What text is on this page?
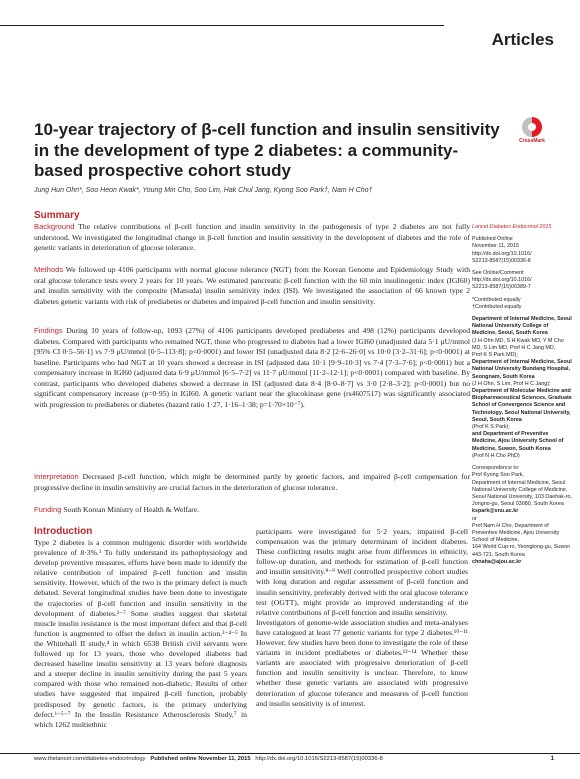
Articles
CrossMark
10-year trajectory of β-cell function and insulin sensitivity in the development of type 2 diabetes: a community-based prospective cohort study
Jung Hun Ohn*, Soo Heon Kwak*, Young Min Cho, Soo Lim, Hak Chul Jang, Kyong Soo Park†, Nam H Cho†
Summary
Background The relative contributions of β-cell function and insulin sensitivity in the pathogenesis of type 2 diabetes are not fully understood. We investigated the longitudinal change in β-cell function and insulin sensitivity in the development of diabetes and the role of genetic variants in deterioration of glucose tolerance.
Methods We followed up 4106 participants with normal glucose tolerance (NGT) from the Korean Genome and Epidemiology Study with oral glucose tolerance tests every 2 years for 10 years. We estimated pancreatic β-cell function with the 60 min insulinogenic index (IGI60) and insulin sensitivity with the composite (Matsuda) insulin sensitivity index (ISI). We investigated the association of 66 known type 2 diabetes genetic variants with risk of prediabetes or diabetes and impaired β-cell function and insulin sensitivity.
Findings During 10 years of follow-up, 1093 (27%) of 4106 participants developed prediabetes and 498 (12%) participants developed diabetes. Compared with participants who remained NGT, those who progressed to diabetes had a lower IGI60 (unadjusted data 5·1 μU/mmol [95% CI 0·5–56·1] vs 7·9 μU/mmol [0·5–113·8]; p<0·0001) and lower ISI (unadjusted data 8·2 [2·6–26·0] vs 10·0 [3·2–31·6]; p<0·0001) at baseline. Participants who had NGT at 10 years showed a decrease in ISI (adjusted data 10·1 [9·9–10·3] vs 7·4 [7·3–7·6]; p<0·0001) but a compensatory increase in IGI60 (adjusted data 6·9 μU/mmol [6·5–7·2] vs 11·7 μU/mmol [11·2–12·1]; p<0·0001) compared with baseline. By contrast, participants who developed diabetes showed a decrease in ISI (adjusted data 8·4 [8·0–8·7] vs 3·0 [2·8–3·2]; p<0·0001) but no significant compensatory increase (p=0·95) in IGI60. A genetic variant near the glucokinase gene (rs4607517) was significantly associated with progression to prediabetes or diabetes (hazard ratio 1·27, 1·16–1·38; p=1·70×10⁻⁷).
Interpretation Decreased β-cell function, which might be determined partly by genetic factors, and impaired β-cell compensation for progressive decline in insulin sensitivity are crucial factors in the deterioration of glucose tolerance.
Funding South Korean Ministry of Health & Welfare.
Lancet Diabetes Endocrinol 2015
Published Online
November 11, 2015
http://dx.doi.org/10.1016/
S2213-8587(15)00336-8
See Online/Comment
http://dx.doi.org/10.1016/
S2213-8587(15)00389-7
*Contributed equally
†Contributed equally
Department of Internal Medicine, Seoul National University College of Medicine, Seoul, South Korea
(J H Ohn MD, S H Kwak MD, Y M Cho MD, S Lim MD, Prof H C Jang MD,
Prof K S Park MD);
Department of Internal Medicine, Seoul National University Bundang Hospital, Seongnam, South Korea
(J H Ohn, S Lim, Prof H C Jang);
Department of Molecular Medicine and Biopharmaceutical Sciences, Graduate School of Convergence Science and Technology, Seoul National University, Seoul, South Korea
(Prof K S Park);
and Department of Preventive Medicine, Ajou University School of Medicine, Suwon, South Korea
(Prof N H Cho PhD)
Correspondence to:
Prof Kyong Soo Park,
Department of Internal Medicine, Seoul National University College of Medicine, Seoul National University, 103 Daehak-ro, Jongno-gu, Seoul 03080, South Korea
kspark@snu.ac.kr
or
Prof Nam H Cho, Department of Preventive Medicine, Ajou University School of Medicine,
164 World Cup-ro, Yeongtong-gu, Suwon 443-721, South Korea
chnaha@ajou.ac.kr
Introduction
Type 2 diabetes is a common multigenic disorder with worldwide prevalence of 8·3%.¹ To fully understand its pathophysiology and develop preventive measures, efforts have been made to identify the relative contribution of impaired β-cell function and insulin sensitivity. However, which of the two is the primary defect is much debated. Several longitudinal studies have been done to investigate the trajectories of β-cell function and insulin sensitivity in the development of diabetes.²⁻⁷ Some studies suggest that skeletal muscle insulin resistance is the most important defect and that β-cell function is augmented to offset the defect in insulin action.²⁻⁴⁻⁵ In the Whitehall II study,⁴ in which 6538 British civil servants were followed up for 13 years, those who developed diabetes had decreased baseline insulin sensitivity at 13 years before diagnosis and a steeper decline in insulin sensitivity during the past 5 years compared with those who remained non-diabetic. Results of other studies have suggested that impaired β-cell function, probably predisposed by genetic factors, is the primary underlying defect.¹⁻⁵⁻⁷ In the Insulin Resistance Atherosclerosis Study,⁷ in which 1262 multiethnic
participants were investigated for 5·2 years, impaired β-cell compensation was the primary determinant of incident diabetes. These conflicting results might arise from differences in ethnicity, follow-up duration, and methods for estimation of β-cell function and insulin sensitivity.⁸⁻⁹ Well controlled prospective cohort studies with long duration and regular assessment of β-cell function and insulin sensitivity, preferably derived with the oral glucose tolerance test (OGTT), might provide an improved understanding of the relative contributions of β-cell function and insulin sensitivity.
Investigators of genome-wide association studies and meta-analyses have catalogued at least 77 genetic variants for type 2 diabetes.¹⁰⁻¹¹ However, few studies have been done to investigate the role of these variants in incident prediabetes or diabetes.¹²⁻¹⁴ Whether these variants are associated with progressive deterioration of β-cell function and insulin sensitivity is unclear. Therefore, to know whether these genetic variants are associated with progressive deterioration of glucose tolerance and measures of β-cell function and insulin sensitivity is of interest.
www.thelancet.com/diabetes-endocrinology Published online November 11, 2015 http://dx.doi.org/10.1016/S2213-8587(15)00336-8	1
